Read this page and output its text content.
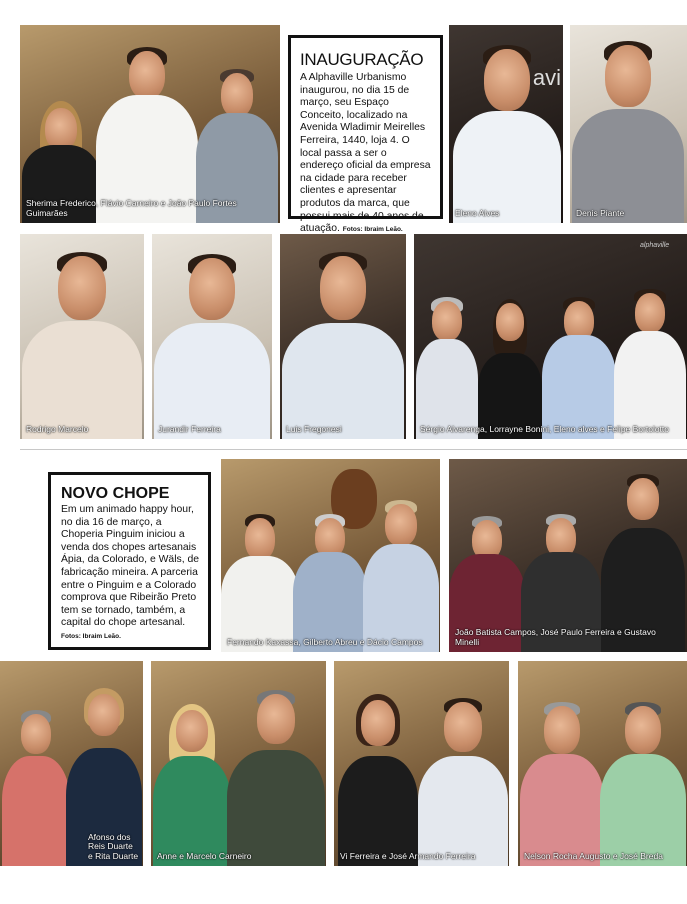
Sherima Frederico, Flávio Carneiro e João Paulo Fortes Guimarães
INAUGURAÇÃO
A Alphaville Urbanismo inaugurou, no dia 15 de março, seu Espaço Conceito, localizado na Avenida Wladimir Meirelles Ferreira, 1440, loja 4. O local passa a ser o endereço oficial da empresa na cidade para receber clientes e apresentar produtos da marca, que possui mais de 40 anos de atuação. Fotos: Ibraim Leão.
avi
Eleno Alves	Denis Piante
Rodrigo Marcelo	Jurandir Ferreira	Luis Fregonesi
alphaville
Sérgio Alvarenga, Lorrayne Bonini, Eleno alves e Felipe Bortolotto
NOVO CHOPE
Em um animado happy hour, no dia 16 de março, a Choperia Pinguim iniciou a venda dos chopes artesanais Ápia, da Colorado, e Wäls, de fabricação mineira. A parceria entre o Pinguim e a Colorado comprova que Ribeirão Preto tem se tornado, também, a capital do chope artesanal. Fotos: Ibraim Leão.
Fernando Kaxassa, Gilberto Abreu e Dácio Campos
João Batista Campos, José Paulo Ferreira e Gustavo Minelli
Afonso dos Reis Duarte e Rita Duarte Anne e Marcelo Carneiro	Vi Ferreira e José Armando Ferreira	Nelson Rocha Augusto e José Breda
